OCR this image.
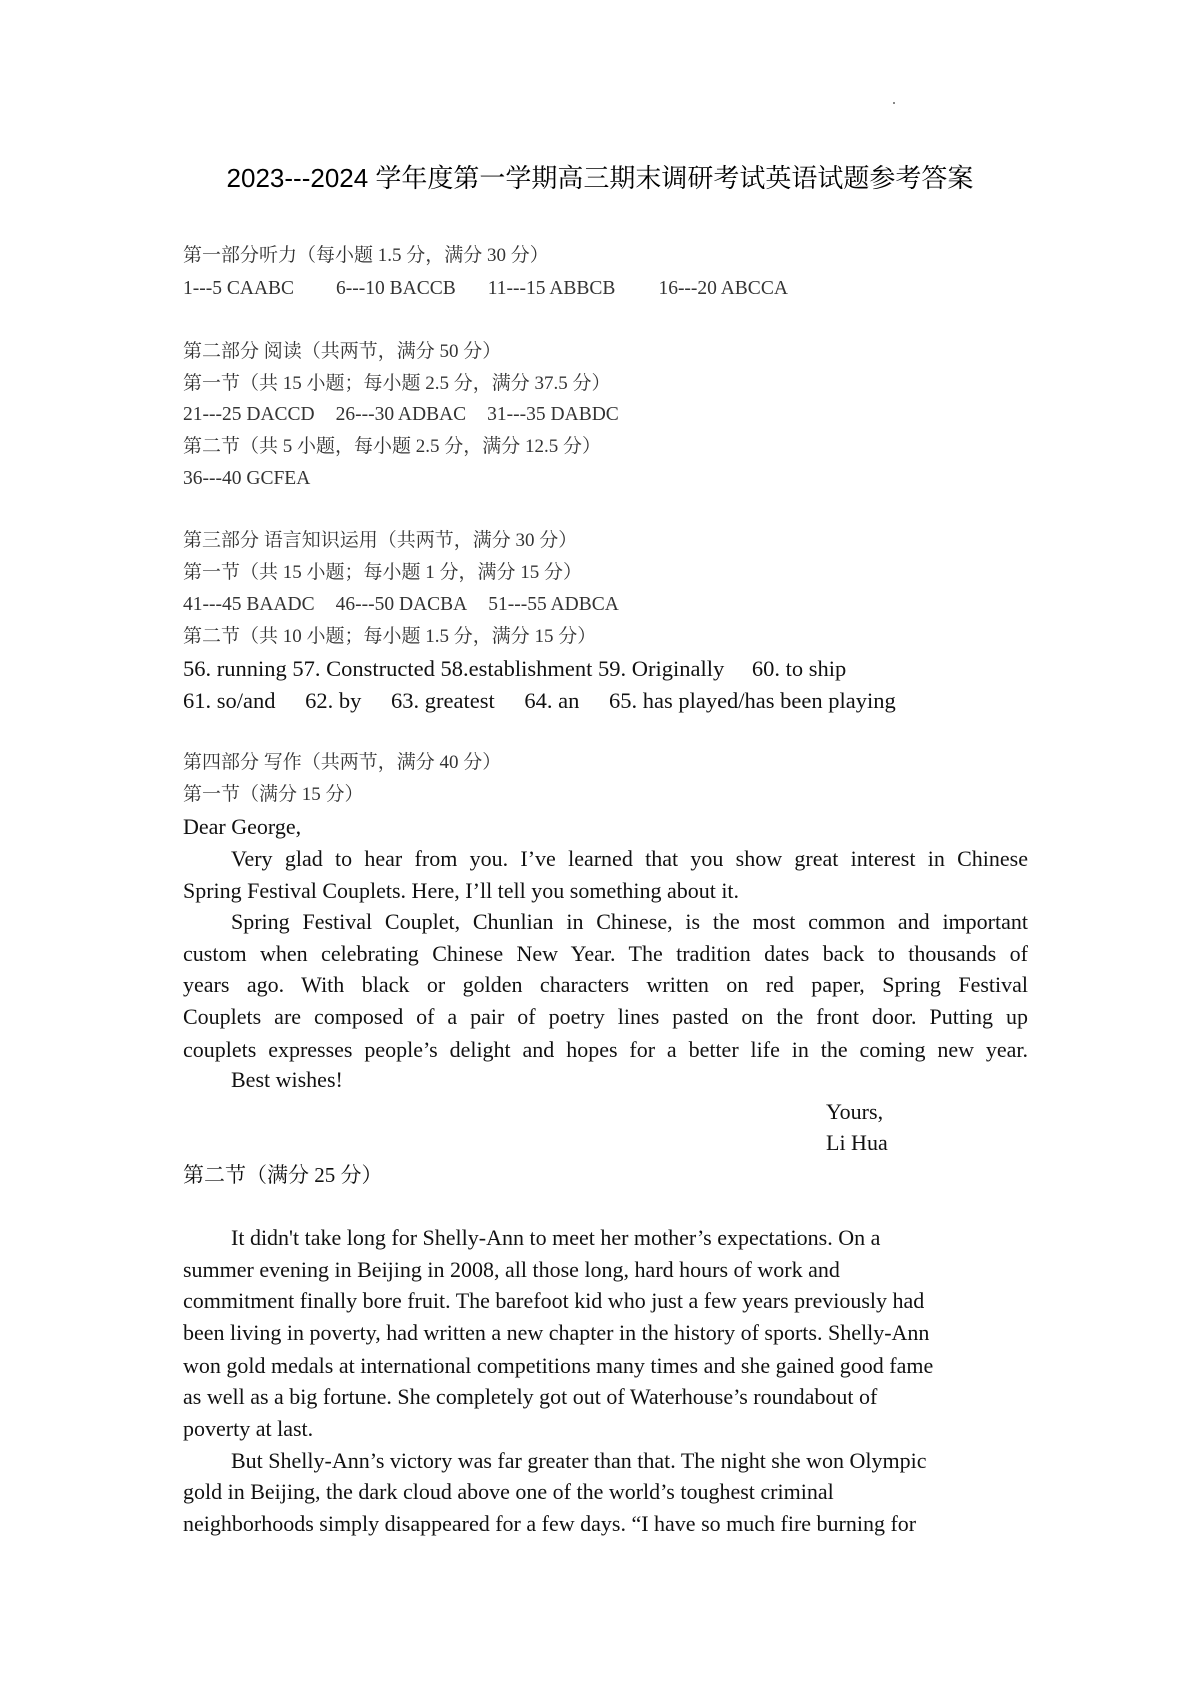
2023---2024 学年度第一学期高三期末调研考试英语试题参考答案
第一部分听力（每小题 1.5 分，满分 30 分）
1---5 CAABC 6---10 BACCB 11---15 ABBCB 16---20 ABCCA
第二部分 阅读（共两节，满分 50 分）
第一节（共 15 小题；每小题 2.5 分，满分 37.5 分）
21---25 DACCD 26---30 ADBAC 31---35 DABDC
第二节（共 5 小题，每小题 2.5 分，满分 12.5 分）
36---40 GCFEA
第三部分 语言知识运用（共两节，满分 30 分）
第一节（共 15 小题；每小题 1 分，满分 15 分）
41---45 BAADC 46---50 DACBA 51---55 ADBCA
第二节（共 10 小题；每小题 1.5 分，满分 15 分）
56. running 57. Constructed 58.establishment 59. Originally 60. to ship
61. so/and 62. by 63. greatest 64. an 65. has played/has been playing
第四部分 写作（共两节，满分 40 分）
第一节（满分 15 分）
Dear George,
Very glad to hear from you. I’ve learned that you show great interest in Chinese
Spring Festival Couplets. Here, I’ll tell you something about it.
Spring Festival Couplet, Chunlian in Chinese, is the most common and important
custom when celebrating Chinese New Year. The tradition dates back to thousands of
years ago. With black or golden characters written on red paper, Spring Festival
Couplets are composed of a pair of poetry lines pasted on the front door. Putting up
couplets expresses people’s delight and hopes for a better life in the coming new year.
Best wishes!
Yours,
Li Hua
第二节（满分 25 分）
It didn't take long for Shelly-Ann to meet her mother’s expectations. On a
summer evening in Beijing in 2008, all those long, hard hours of work and
commitment finally bore fruit. The barefoot kid who just a few years previously had
been living in poverty, had written a new chapter in the history of sports. Shelly-Ann
won gold medals at international competitions many times and she gained good fame
as well as a big fortune. She completely got out of Waterhouse’s roundabout of
poverty at last.
But Shelly-Ann’s victory was far greater than that. The night she won Olympic
gold in Beijing, the dark cloud above one of the world’s toughest criminal
neighborhoods simply disappeared for a few days. “I have so much fire burning for
